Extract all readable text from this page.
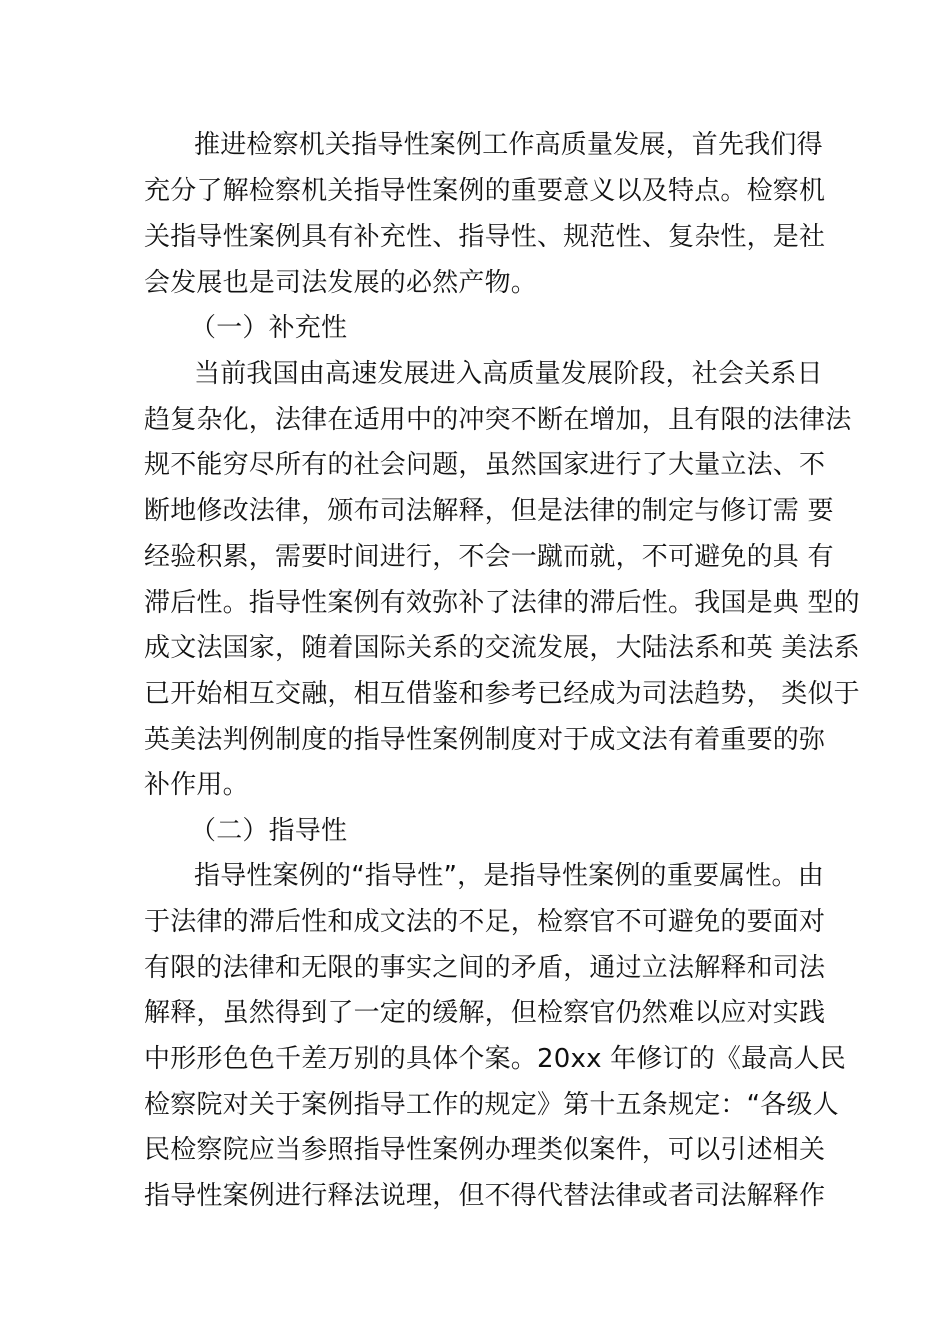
推进检察机关指导性案例工作高质量发展，首先我们得
充分了解检察机关指导性案例的重要意义以及特点。检察机
关指导性案例具有补充性、指导性、规范性、复杂性，是社
会发展也是司法发展的必然产物。
（一）补充性
当前我国由高速发展进入高质量发展阶段，社会关系日
趋复杂化，法律在适用中的冲突不断在增加，且有限的法律法
规不能穷尽所有的社会问题，虽然国家进行了大量立法、不
断地修改法律，颁布司法解释，但是法律的制定与修订需 要
经验积累，需要时间进行，不会一蹴而就，不可避免的具 有
滞后性。指导性案例有效弥补了法律的滞后性。我国是典 型的
成文法国家，随着国际关系的交流发展，大陆法系和英 美法系
已开始相互交融，相互借鉴和参考已经成为司法趋势， 类似于
英美法判例制度的指导性案例制度对于成文法有着重要的弥
补作用。
（二）指导性
指导性案例的“指导性”，是指导性案例的重要属性。由
于法律的滞后性和成文法的不足，检察官不可避免的要面对
有限的法律和无限的事实之间的矛盾，通过立法解释和司法
解释，虽然得到了一定的缓解，但检察官仍然难以应对实践
中形形色色千差万别的具体个案。20xx 年修订的《最高人民
检察院对关于案例指导工作的规定》第十五条规定：“各级人
民检察院应当参照指导性案例办理类似案件，可以引述相关
指导性案例进行释法说理，但不得代替法律或者司法解释作
